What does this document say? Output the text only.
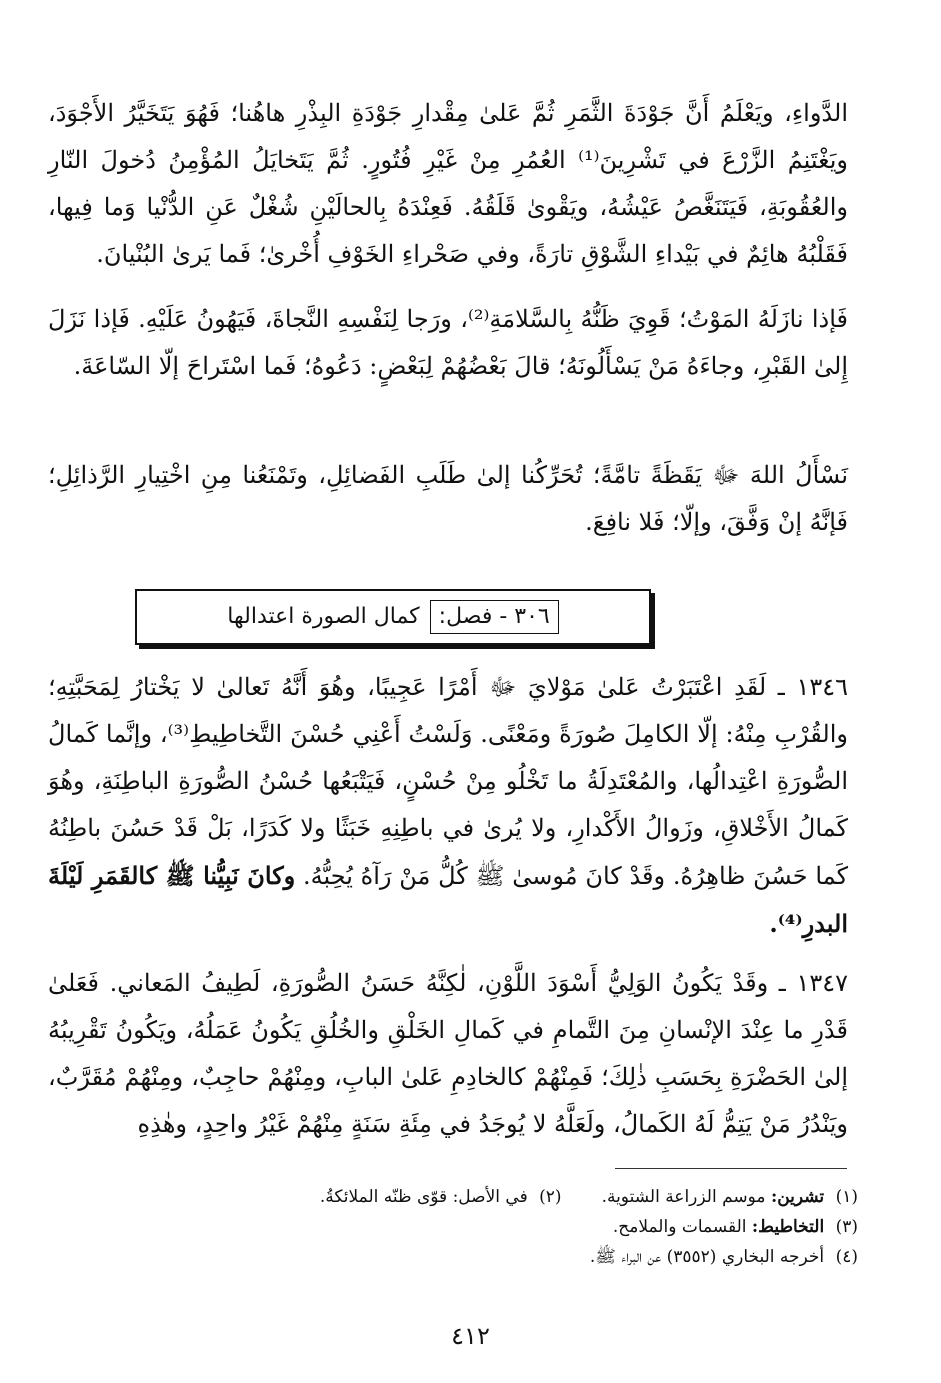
الدَّواءِ، ويَعْلَمُ أَنَّ جَوْدَةَ الثَّمَرِ ثُمَّ عَلىٰ مِقْدارِ جَوْدَةِ البِذْرِ هاهُنا؛ فَهُوَ يَتَخَيَّرُ الأَجْوَدَ، ويَغْتَنِمُ الزَّرْعَ في تَشْرِينَ⁽¹⁾ العُمُرِ مِنْ غَيْرِ فُتُورٍ. ثُمَّ يَتَخايَلُ المُؤْمِنُ دُخولَ النّارِ والعُقُوبَةِ، فَيَتَنَغَّصُ عَيْشُهُ، ويَقْوىٰ قَلَقُهُ. فَعِنْدَهُ بِالحالَيْنِ شُغْلٌ عَنِ الدُّنْيا وَما فِيها، فَقَلْبُهُ هائِمٌ في بَيْداءِ الشَّوْقِ تارَةً، وفي صَحْراءِ الخَوْفِ أُخْرىٰ؛ فَما يَرىٰ البُنْيانَ.

فَإذا نازَلَهُ المَوْتُ؛ قَوِيَ ظَنُّهُ بِالسَّلامَةِ⁽²⁾، ورَجا لِنَفْسِهِ النَّجاةَ، فَيَهُونُ عَلَيْهِ. فَإذا نَزَلَ إِلىٰ القَبْرِ، وجاءَهُ مَنْ يَسْأَلُونَهُ؛ قالَ بَعْضُهُمْ لِبَعْضٍ: دَعُوهُ؛ فَما اسْتَراحَ إلّا السّاعَةَ.

نَسْأَلُ اللهَ ﷻ يَقَظَةً تامَّةً؛ تُحَرِّكُنا إلىٰ طَلَبِ الفَضائِلِ، وتَمْنَعُنا مِنِ اخْتِيارِ الرَّذائِلِ؛ فَإنَّهُ إنْ وَفَّقَ، وإلّا؛ فَلا نافِعَ.

٣٠٦ - فصل:
كمال الصورة اعتدالها

١٣٤٦ ـ لَقَدِ اعْتَبَرْتُ عَلىٰ مَوْلايَ ﷻ أَمْرًا عَجِيبًا، وهُوَ أَنَّهُ تَعالىٰ لا يَخْتارُ لِمَحَبَّتِهِ؛ والقُرْبِ مِنْهُ: إلّا الكامِلَ صُورَةً ومَعْنًى. وَلَسْتُ أَعْنِي حُسْنَ التَّخاطِيطِ⁽³⁾، وإنَّما كَمالُ الصُّورَةِ اعْتِدالُها، والمُعْتَدِلَةُ ما تَخْلُو مِنْ حُسْنٍ، فَيَتْبَعُها حُسْنُ الصُّورَةِ الباطِنَةِ، وهُوَ كَمالُ الأَخْلاقِ، وزَوالُ الأَكْدارِ، ولا يُرىٰ في باطِنِهِ خَبَثًا ولا كَدَرًا، بَلْ قَدْ حَسُنَ باطِنُهُ كَما حَسُنَ ظاهِرُهُ. وقَدْ كانَ مُوسىٰ ﷺ كُلُّ مَنْ رَآهُ يُحِبُّهُ. وكانَ نَبِيُّنا ﷺ كالقَمَرِ لَيْلَةَ البدرِ⁽⁴⁾.

١٣٤٧ ـ وقَدْ يَكُونُ الوَلِيُّ أَسْوَدَ اللَّوْنِ، لٰكِنَّهُ حَسَنُ الصُّورَةِ، لَطِيفُ المَعاني. فَعَلىٰ قَدْرِ ما عِنْدَ الإنْسانِ مِنَ التَّمامِ في كَمالِ الخَلْقِ والخُلُقِ يَكُونُ عَمَلُهُ، ويَكُونُ تَقْرِيبُهُ إلىٰ الحَضْرَةِ بِحَسَبِ ذٰلِكَ؛ فَمِنْهُمْ كالخادِمِ عَلىٰ البابِ، ومِنْهُمْ حاجِبٌ، ومِنْهُمْ مُقَرَّبٌ، ويَنْدُرُ مَنْ يَتِمُّ لَهُ الكَمالُ، ولَعَلَّهُ لا يُوجَدُ في مِئَةِ سَنَةٍ مِنْهُمْ غَيْرُ واحِدٍ، وهٰذِهِ

(١) تشرين: موسم الزراعة الشتوية.
(٢) في الأصل: قوّى ظنّه الملائكةُ.
(٣) التخاطيط: القسمات والملامح.
(٤) أخرجه البخاري (٣٥٥٢) عن البراء ﷺ.
٤١٢
